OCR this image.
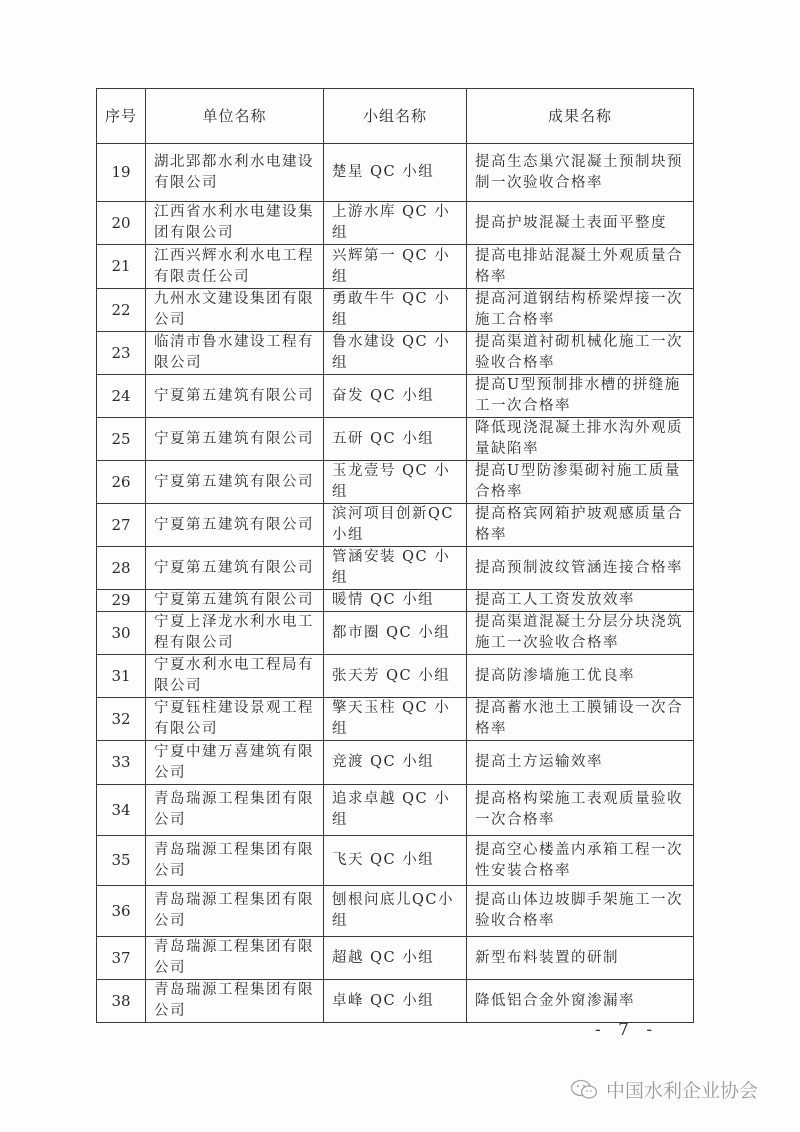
序号	单位名称	小组名称	成果名称
19	湖北郢都水利水电建设有限公司	楚星 QC 小组	提高生态巢穴混凝土预制块预制一次验收合格率
20	江西省水利水电建设集团有限公司	上游水库 QC 小组	提高护坡混凝土表面平整度
21	江西兴辉水利水电工程有限责任公司	兴辉第一 QC 小组	提高电排站混凝土外观质量合格率
22	九州水文建设集团有限公司	勇敢牛牛 QC 小组	提高河道钢结构桥梁焊接一次施工合格率
23	临清市鲁水建设工程有限公司	鲁水建设 QC 小组	提高渠道衬砌机械化施工一次验收合格率
24	宁夏第五建筑有限公司	奋发 QC 小组	提高U型预制排水槽的拼缝施工一次合格率
25	宁夏第五建筑有限公司	五研 QC 小组	降低现浇混凝土排水沟外观质量缺陷率
26	宁夏第五建筑有限公司	玉龙壹号 QC 小组	提高U型防渗渠砌衬施工质量合格率
27	宁夏第五建筑有限公司	滨河项目创新QC小组	提高格宾网箱护坡观感质量合格率
28	宁夏第五建筑有限公司	管涵安装 QC 小组	提高预制波纹管涵连接合格率
29	宁夏第五建筑有限公司	暖情 QC 小组	提高工人工资发放效率
30	宁夏上泽龙水利水电工程有限公司	都市圈 QC 小组	提高渠道混凝土分层分块浇筑施工一次验收合格率
31	宁夏水利水电工程局有限公司	张天芳 QC 小组	提高防渗墙施工优良率
32	宁夏钰柱建设景观工程有限公司	擎天玉柱 QC 小组	提高蓄水池土工膜铺设一次合格率
33	宁夏中建万喜建筑有限公司	竞渡 QC 小组	提高土方运输效率
34	青岛瑞源工程集团有限公司	追求卓越 QC 小组	提高格构梁施工表观质量验收一次合格率
35	青岛瑞源工程集团有限公司	飞天 QC 小组	提高空心楼盖内承箱工程一次性安装合格率
36	青岛瑞源工程集团有限公司	刨根问底儿QC小组	提高山体边坡脚手架施工一次验收合格率
37	青岛瑞源工程集团有限公司	超越 QC 小组	新型布料装置的研制
38	青岛瑞源工程集团有限公司	卓峰 QC 小组	降低铝合金外窗渗漏率
- 7 -
中国水利企业协会
